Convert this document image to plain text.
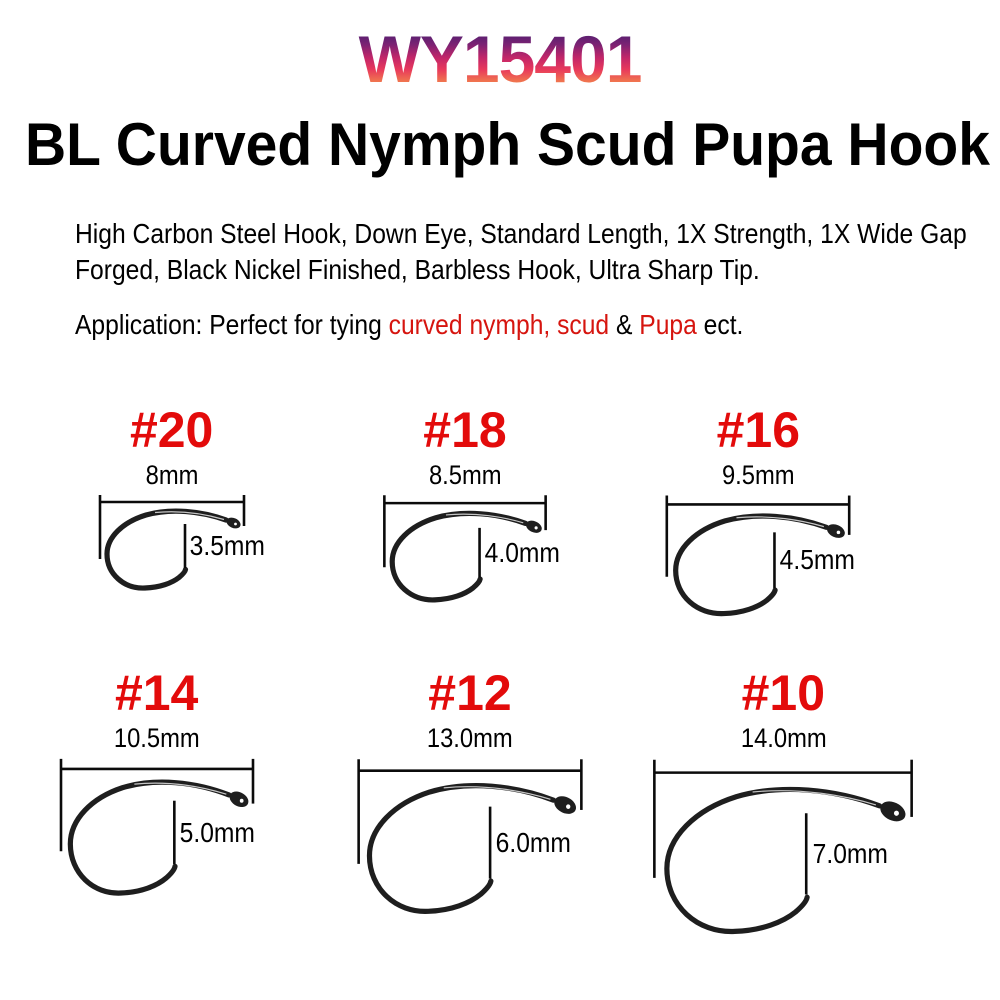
WY15401
BL Curved Nymph Scud Pupa Hook
High Carbon Steel Hook, Down Eye, Standard Length, 1X Strength, 1X Wide Gap
Forged, Black Nickel Finished, Barbless Hook, Ultra Sharp Tip.
Application: Perfect for tying curved nymph, scud & Pupa ect.
#20
8mm
3.5mm
#18
8.5mm
4.0mm
#16
9.5mm
4.5mm
#14
10.5mm
5.0mm
#12
13.0mm
6.0mm
#10
14.0mm
7.0mm
